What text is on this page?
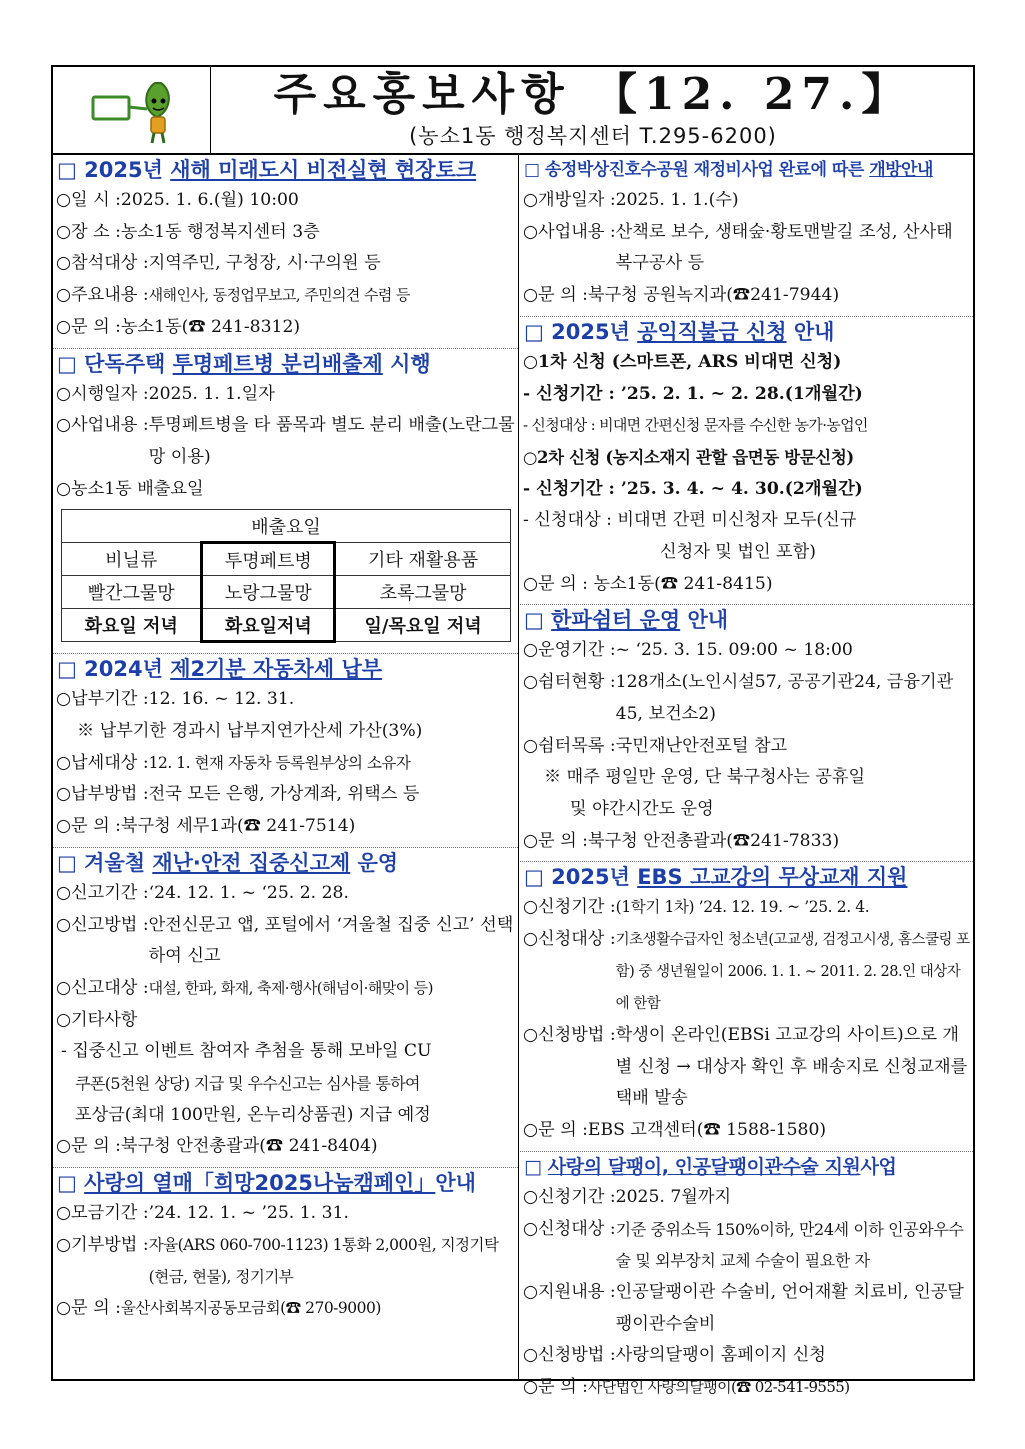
주요홍보사항 【12. 27.】
(농소1동 행정복지센터 T.295-6200)
□ 2025년 새해 미래도시 비전실현 현장토크
○일 시 : 2025. 1. 6.(월) 10:00
○장 소 : 농소1동 행정복지센터 3층
○참석대상 : 지역주민, 구청장, 시·구의원 등
○주요내용 : 새해인사, 동정업무보고, 주민의견 수렴 등
○문 의 : 농소1동(☎ 241-8312)
□ 단독주택 투명페트병 분리배출제 시행
○시행일자 : 2025. 1. 1.일자
○사업내용 : 투명페트병을 타 품목과 별도 분리 배출(노란그물망 이용)
○농소1동 배출요일
배출요일		
비닐류	투명페트병	기타 재활용품
빨간그물망	노랑그물망	초록그물망
화요일 저녁	화요일저녁	일/목요일 저녁
□ 2024년 제2기분 자동차세 납부
○납부기간 : 12. 16. ~ 12. 31.
※ 납부기한 경과시 납부지연가산세 가산(3%)
○납세대상 : 12. 1. 현재 자동차 등록원부상의 소유자
○납부방법 : 전국 모든 은행, 가상계좌, 위택스 등
○문 의 : 북구청 세무1과(☎ 241-7514)
□ 겨울철 재난·안전 집중신고제 운영
○신고기간 : ‘24. 12. 1. ~ ‘25. 2. 28.
○신고방법 : 안전신문고 앱, 포털에서 ‘겨울철 집중 신고’ 선택하여 신고
○신고대상 : 대설, 한파, 화재, 축제·행사(해넘이·해맞이 등)
○기타사항
- 집중신고 이벤트 참여자 추첨을 통해 모바일 CU
쿠폰(5천원 상당) 지급 및 우수신고는 심사를 통하여
포상금(최대 100만원, 온누리상품권) 지급 예정
○문 의 : 북구청 안전총괄과(☎ 241-8404)
□ 사랑의 열매「희망2025나눔캠페인」안내
○모금기간 : ’24. 12. 1. ~ ’25. 1. 31.
○기부방법 : 자율(ARS 060-700-1123) 1통화 2,000원, 지정기탁(현금, 현물), 정기기부
○문 의 : 울산사회복지공동모금회(☎ 270-9000)
□ 송정박상진호수공원 재정비사업 완료에 따른 개방안내
○개방일자 : 2025. 1. 1.(수)
○사업내용 : 산책로 보수, 생태숲·황토맨발길 조성, 산사태 복구공사 등
○문 의 : 북구청 공원녹지과(☎241-7944)
□ 2025년 공익직불금 신청 안내
○1차 신청 (스마트폰, ARS 비대면 신청)
- 신청기간 : ’25. 2. 1. ~ 2. 28.(1개월간)
- 신청대상 : 비대면 간편신청 문자를 수신한 농가·농업인
○2차 신청 (농지소재지 관할 읍면동 방문신청)
- 신청기간 : ’25. 3. 4. ~ 4. 30.(2개월간)
- 신청대상 : 비대면 간편 미신청자 모두(신규
신청자 및 법인 포함)
○문 의 : 농소1동(☎ 241-8415)
□ 한파쉼터 운영 안내
○운영기간 : ~ ‘25. 3. 15. 09:00 ~ 18:00
○쉼터현황 : 128개소(노인시설57, 공공기관24, 금융기관45, 보건소2)
○쉼터목록 : 국민재난안전포털 참고
※ 매주 평일만 운영, 단 북구청사는 공휴일
및 야간시간도 운영
○문 의 : 북구청 안전총괄과(☎241-7833)
□ 2025년 EBS 고교강의 무상교재 지원
○신청기간 : (1학기 1차) ’24. 12. 19. ~ ’25. 2. 4.
○신청대상 : 기초생활수급자인 청소년(고교생, 검정고시생, 홈스쿨링 포함) 중 생년월일이 2006. 1. 1. ~ 2011. 2. 28.인 대상자에 한함
○신청방법 : 학생이 온라인(EBSi 고교강의 사이트)으로 개별 신청 → 대상자 확인 후 배송지로 신청교재를 택배 발송
○문 의 : EBS 고객센터(☎ 1588-1580)
□ 사랑의 달팽이, 인공달팽이관수술 지원사업
○신청기간 : 2025. 7월까지
○신청대상 : 기준 중위소득 150%이하, 만24세 이하 인공와우수술 및 외부장치 교체 수술이 필요한 자
○지원내용 : 인공달팽이관 수술비, 언어재활 치료비, 인공달팽이관수술비
○신청방법 : 사랑의달팽이 홈페이지 신청
○문 의 : 사단법인 사랑의달팽이(☎ 02-541-9555)
